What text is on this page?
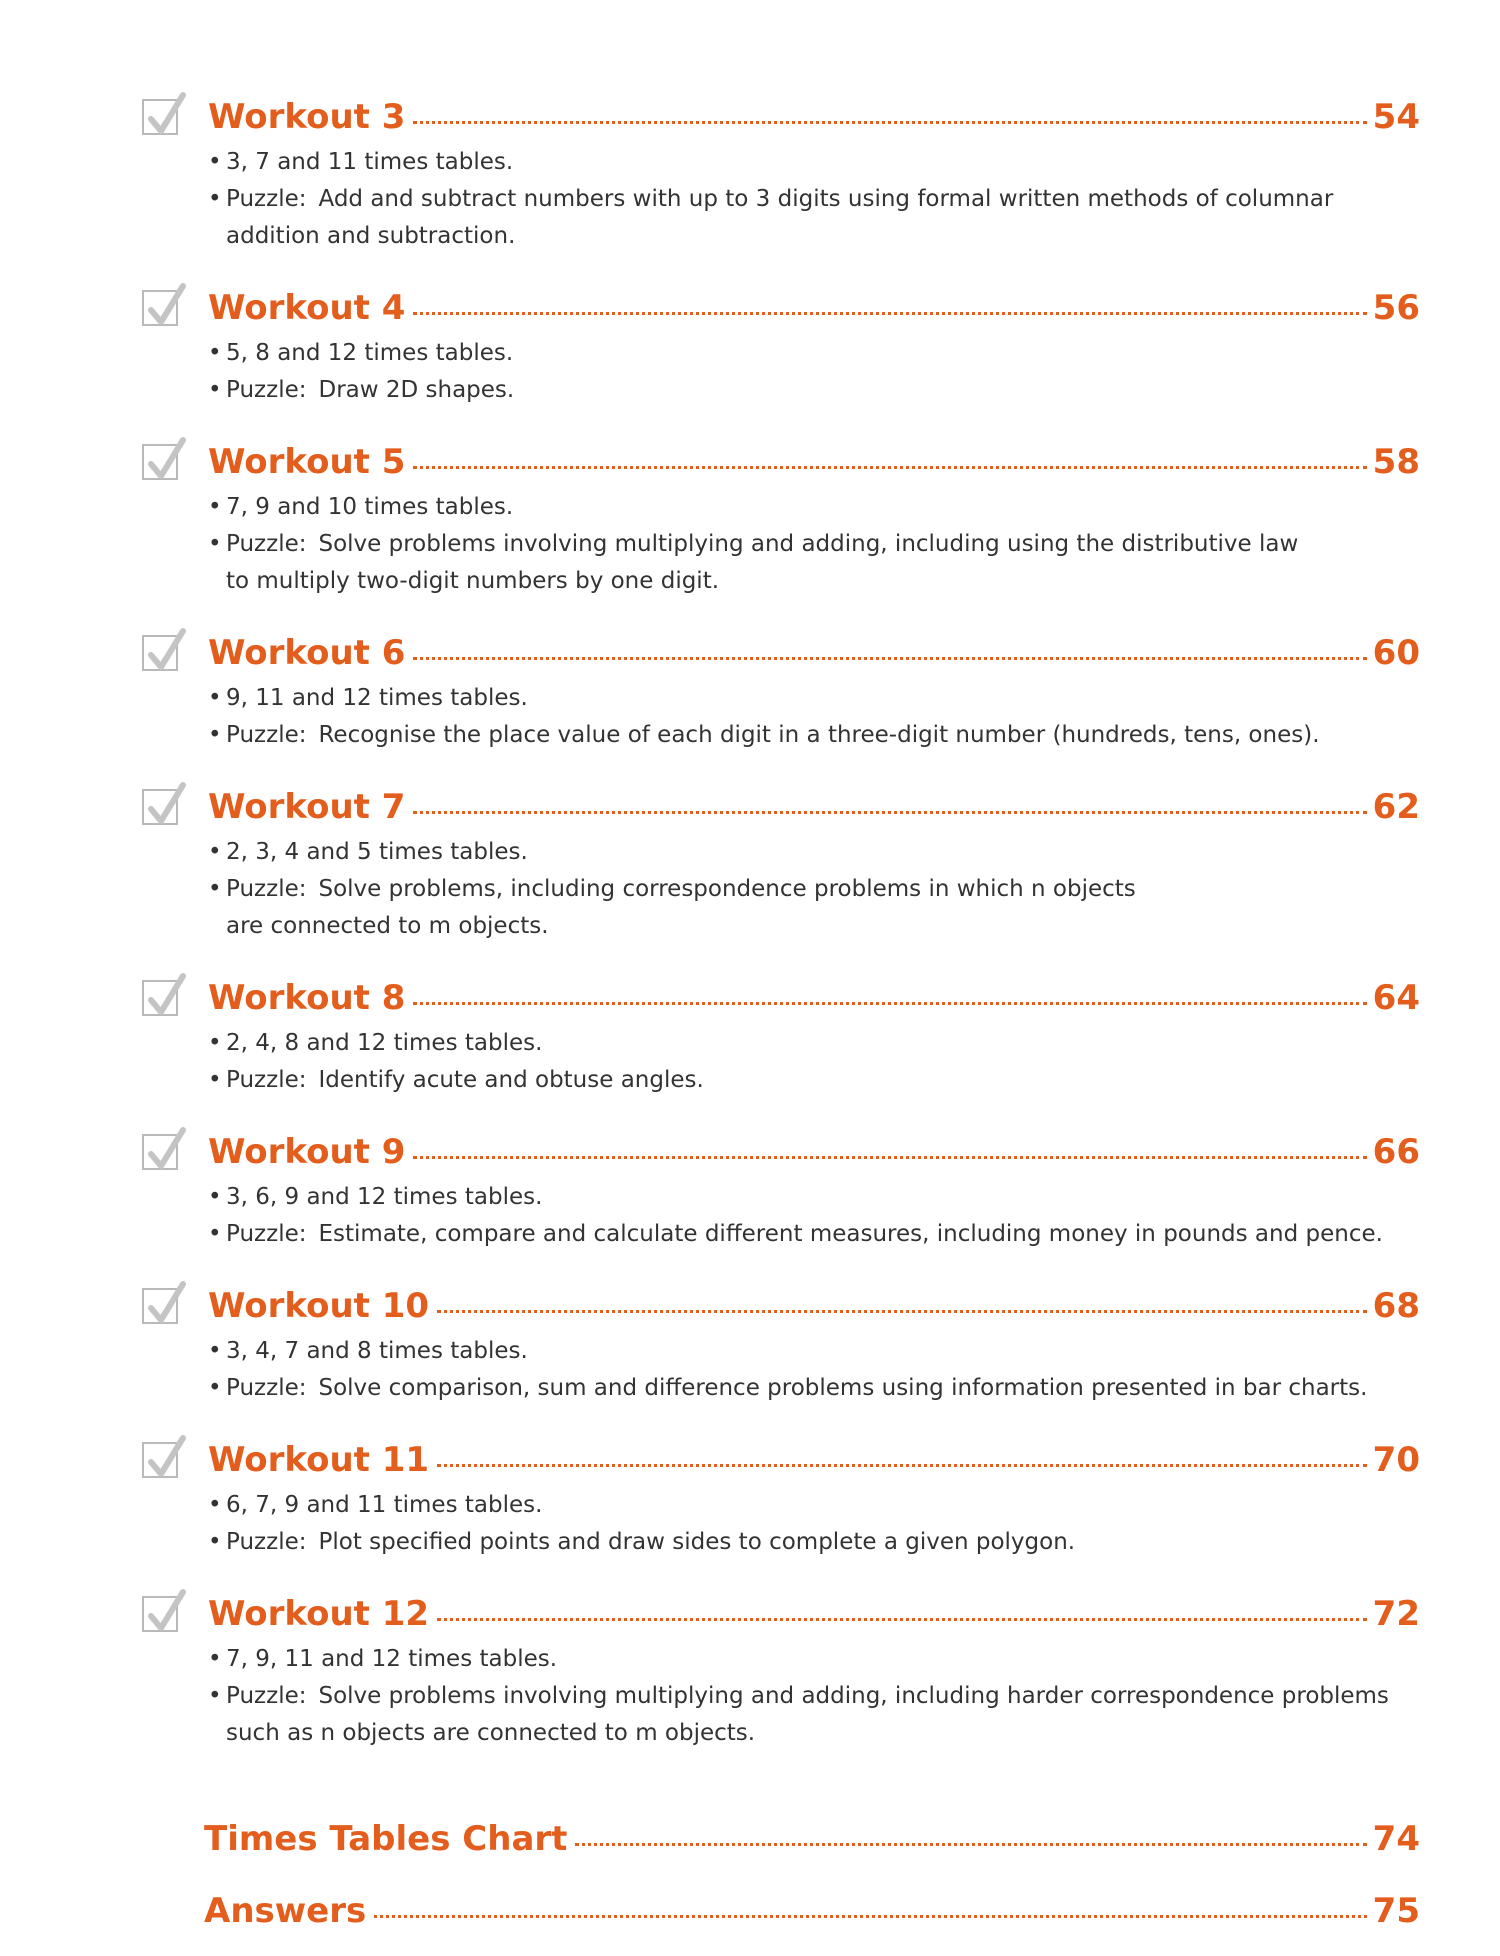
Workout 3	54
• 3, 7 and 11 times tables.
• Puzzle: Add and subtract numbers with up to 3 digits using formal written methods of columnar
addition and subtraction.
Workout 4	56
• 5, 8 and 12 times tables.
• Puzzle: Draw 2D shapes.
Workout 5	58
• 7, 9 and 10 times tables.
• Puzzle: Solve problems involving multiplying and adding, including using the distributive law
to multiply two-digit numbers by one digit.
Workout 6	60
• 9, 11 and 12 times tables.
• Puzzle: Recognise the place value of each digit in a three-digit number (hundreds, tens, ones).
Workout 7	62
• 2, 3, 4 and 5 times tables.
• Puzzle: Solve problems, including correspondence problems in which n objects
are connected to m objects.
Workout 8	64
• 2, 4, 8 and 12 times tables.
• Puzzle: Identify acute and obtuse angles.
Workout 9	66
• 3, 6, 9 and 12 times tables.
• Puzzle: Estimate, compare and calculate different measures, including money in pounds and pence.
Workout 10	68
• 3, 4, 7 and 8 times tables.
• Puzzle: Solve comparison, sum and difference problems using information presented in bar charts.
Workout 11	70
• 6, 7, 9 and 11 times tables.
• Puzzle: Plot specified points and draw sides to complete a given polygon.
Workout 12	72
• 7, 9, 11 and 12 times tables.
• Puzzle: Solve problems involving multiplying and adding, including harder correspondence problems
such as n objects are connected to m objects.
Times Tables Chart	74
Answers	75
